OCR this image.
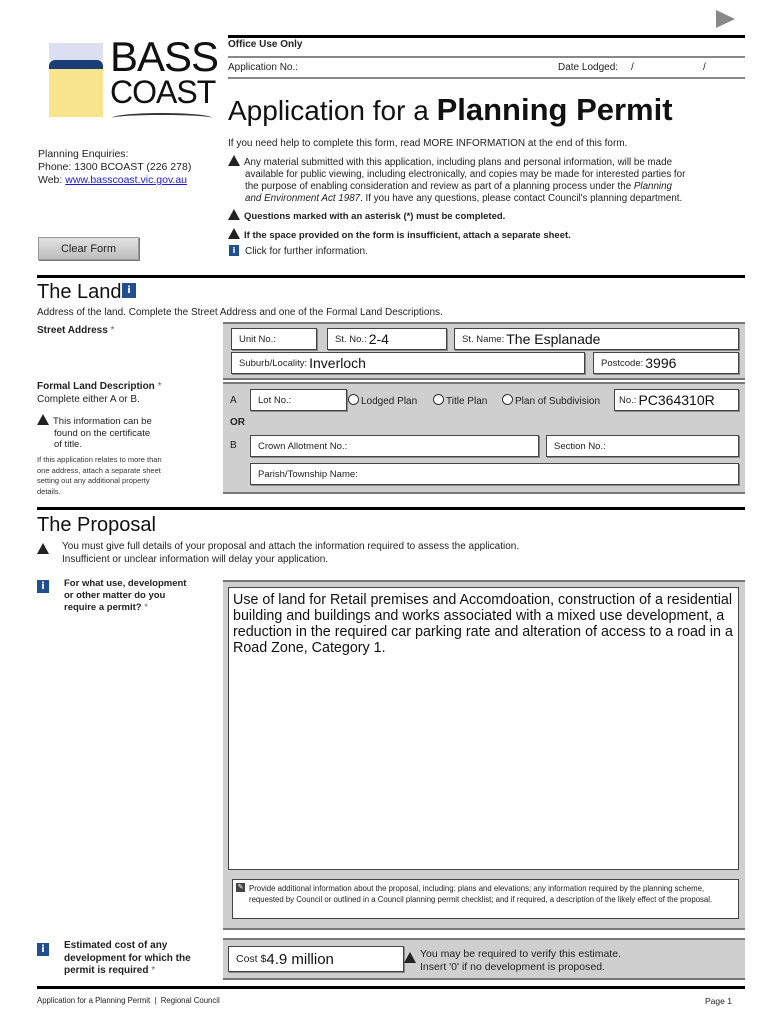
BASS
COAST
Office Use Only
Application No.:	Date Lodged: /	/
Application for a Planning Permit
Planning Enquiries:
Phone: 1300 BCOAST (226 278)
Web: www.basscoast.vic.gov.au
If you need help to complete this form, read MORE INFORMATION at the end of this form.
Any material submitted with this application, including plans and personal information, will be made
available for public viewing, including electronically, and copies may be made for interested parties for
the purpose of enabling consideration and review as part of a planning process under the Planning
and Environment Act 1987. If you have any questions, please contact Council's planning department.
Questions marked with an asterisk (*) must be completed.
If the space provided on the form is insufficient, attach a separate sheet.
i Click for further information.
Clear Form
The Land i
Address of the land. Complete the Street Address and one of the Formal Land Descriptions.
Street Address *
Unit No.:	St. No.: 2-4	St. Name: The Esplanade
Suburb/Locality: Inverloch	Postcode: 3996
Formal Land Description *
Complete either A or B.
This information can be
found on the certificate
of title.
If this application relates to more than
one address, attach a separate sheet
setting out any additional property
details.
A Lot No.:	Lodged Plan	Title Plan	Plan of Subdivision No.: PC364310R
OR
B Crown Allotment No.:	Section No.:
Parish/Township Name:
The Proposal
You must give full details of your proposal and attach the information required to assess the application.
Insufficient or unclear information will delay your application.
i	For what use, development
or other matter do you
require a permit? *	Use of land for Retail premises and Accomdoation, construction of a residential building and buildings and works associated with a mixed use development, a reduction in the required car parking rate and alteration of access to a road in a Road Zone, Category 1.
✎ Provide additional information about the proposal, including: plans and elevations; any information required by the planning scheme, requested by Council or outlined in a Council planning permit checklist; and if required, a description of the likely effect of the proposal.
i	Estimated cost of any
development for which the
permit is required *
Cost $ 4.9 million	You may be required to verify this estimate.
Insert '0' if no development is proposed.
Application for a Planning Permit  |  Regional Council	Page 1
